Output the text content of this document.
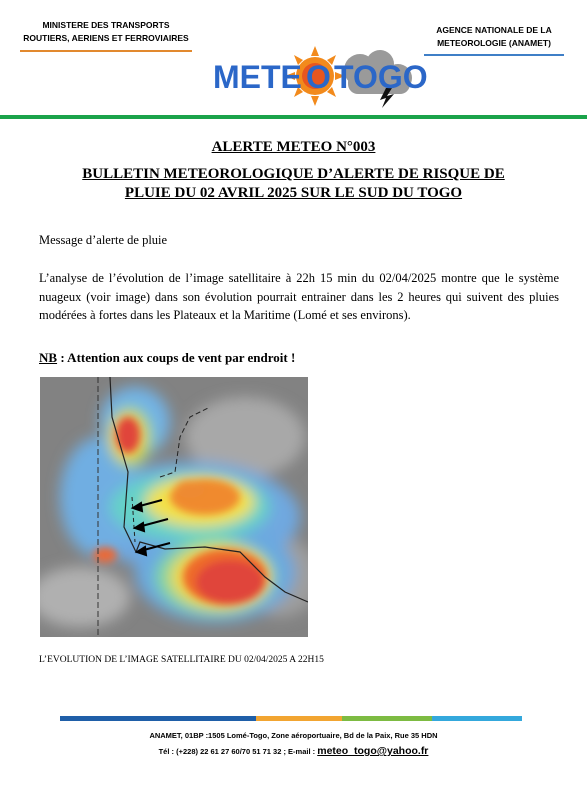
MINISTERE DES TRANSPORTS
ROUTIERS, AERIENS ET FERROVIAIRES
AGENCE NATIONALE DE LA
METEOROLOGIE (ANAMET)
METE O TOGO
ALERTE METEO N°003
BULLETIN METEOROLOGIQUE D’ALERTE DE RISQUE DE
PLUIE DU 02 AVRIL 2025 SUR LE SUD DU TOGO
Message d’alerte de pluie
L’analyse de l’évolution de l’image satellitaire à 22h 15 min du 02/04/2025 montre que le système nuageux (voir image) dans son évolution pourrait entrainer dans les 2 heures qui suivent des pluies modérées à fortes dans les Plateaux et la Maritime (Lomé et ses environs).
NB : Attention aux coups de vent par endroit !
L’EVOLUTION DE L’IMAGE SATELLITAIRE DU 02/04/2025 A 22H15
ANAMET, 01BP :1505 Lomé-Togo, Zone aéroportuaire, Bd de la Paix, Rue 35 HDN
Tél : (+228) 22 61 27 60/70 51 71 32 ; E-mail : meteo_togo@yahoo.fr
